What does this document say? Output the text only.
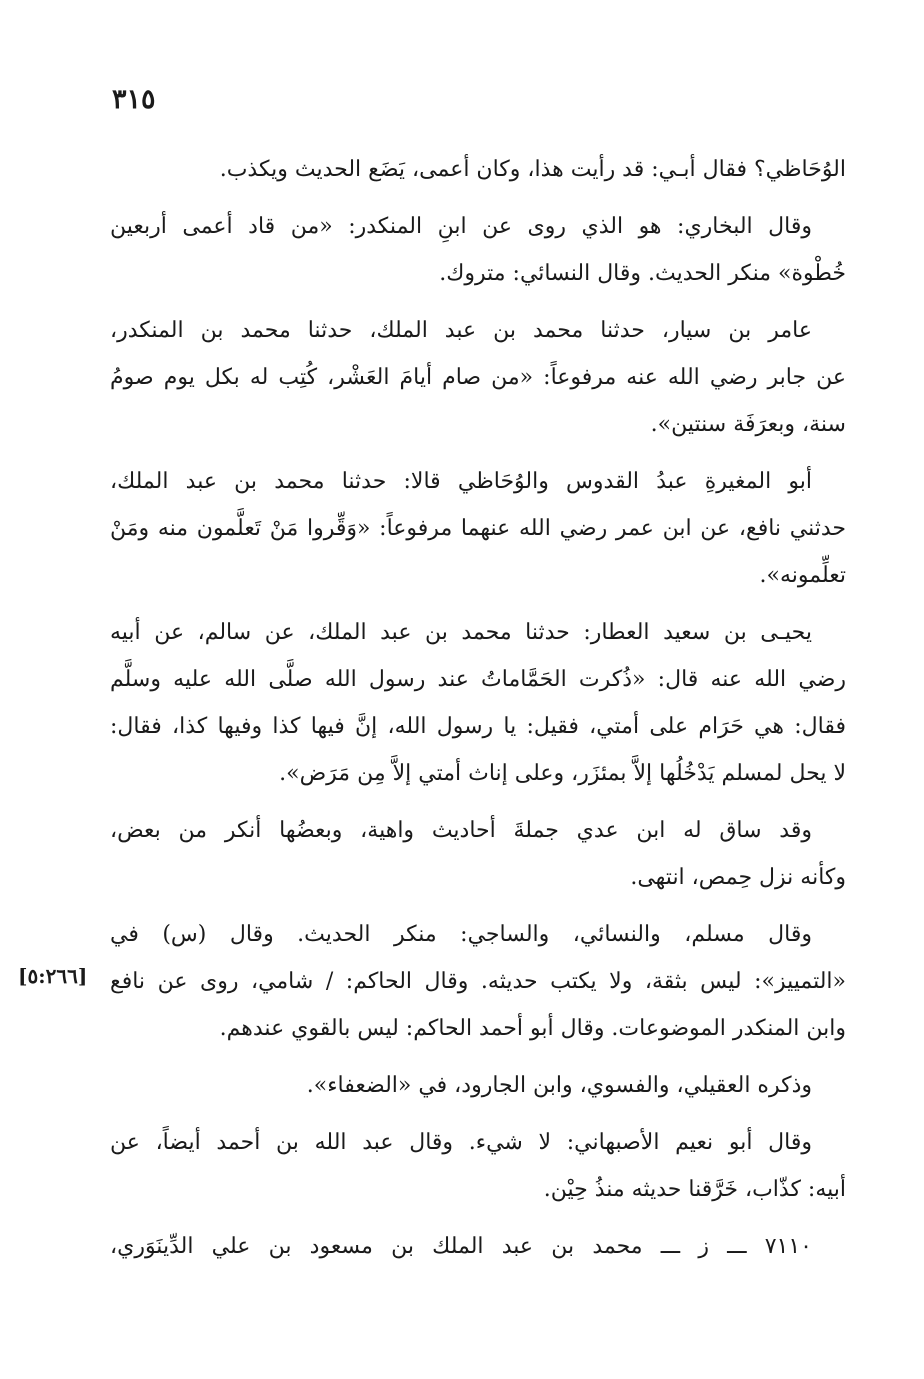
٣١٥
[٥:٢٦٦]

الوُحَاظي؟ فقال أبـي: قد رأيت هذا، وكان أعمى، يَضَع الحديث ويكذب.

وقال البخاري: هو الذي روى عن ابنِ المنكدر: «من قاد أعمى أربعين
خُطْوة» منكر الحديث. وقال النسائي: متروك.

عامر بن سيار، حدثنا محمد بن عبد الملك، حدثنا محمد بن المنكدر،
عن جابر رضي الله عنه مرفوعاً: «من صام أيامَ العَشْر، كُتِب له بكل يوم صومُ
سنة، وبعرَفَة سنتين».

أبو المغيرةِ عبدُ القدوس والوُحَاظي قالا: حدثنا محمد بن عبد الملك،
حدثني نافع، عن ابن عمر رضي الله عنهما مرفوعاً: «وَقِّروا مَنْ تَعلَّمون منه ومَنْ
تعلِّمونه».

يحيـى بن سعيد العطار: حدثنا محمد بن عبد الملك، عن سالم، عن أبيه
رضي الله عنه قال: «ذُكرت الحَمَّاماتُ عند رسول الله صلَّى الله عليه وسلَّم
فقال: هي حَرَام على أمتي، فقيل: يا رسول الله، إنَّ فيها كذا وفيها كذا، فقال:
لا يحل لمسلم يَدْخُلُها إلاَّ بمئزَر، وعلى إناث أمتي إلاَّ مِن مَرَض».

وقد ساق له ابن عدي جملةَ أحاديث واهية، وبعضُها أنكر من بعض،
وكأنه نزل حِمص، انتهى.

وقال مسلم، والنسائي، والساجي: منكر الحديث. وقال (س) في
«التمييز»: ليس بثقة، ولا يكتب حديثه. وقال الحاكم: / شامي، روى عن نافع
وابن المنكدر الموضوعات. وقال أبو أحمد الحاكم: ليس بالقوي عندهم.

وذكره العقيلي، والفسوي، وابن الجارود، في «الضعفاء».

وقال أبو نعيم الأصبهاني: لا شيء. وقال عبد الله بن أحمد أيضاً، عن
أبيه: كذّاب، خَرَّقنا حديثه منذُ حِيْن.

٧١١٠ ـــ ز ـــ محمد بن عبد الملك بن مسعود بن علي الدِّينَوَري،
